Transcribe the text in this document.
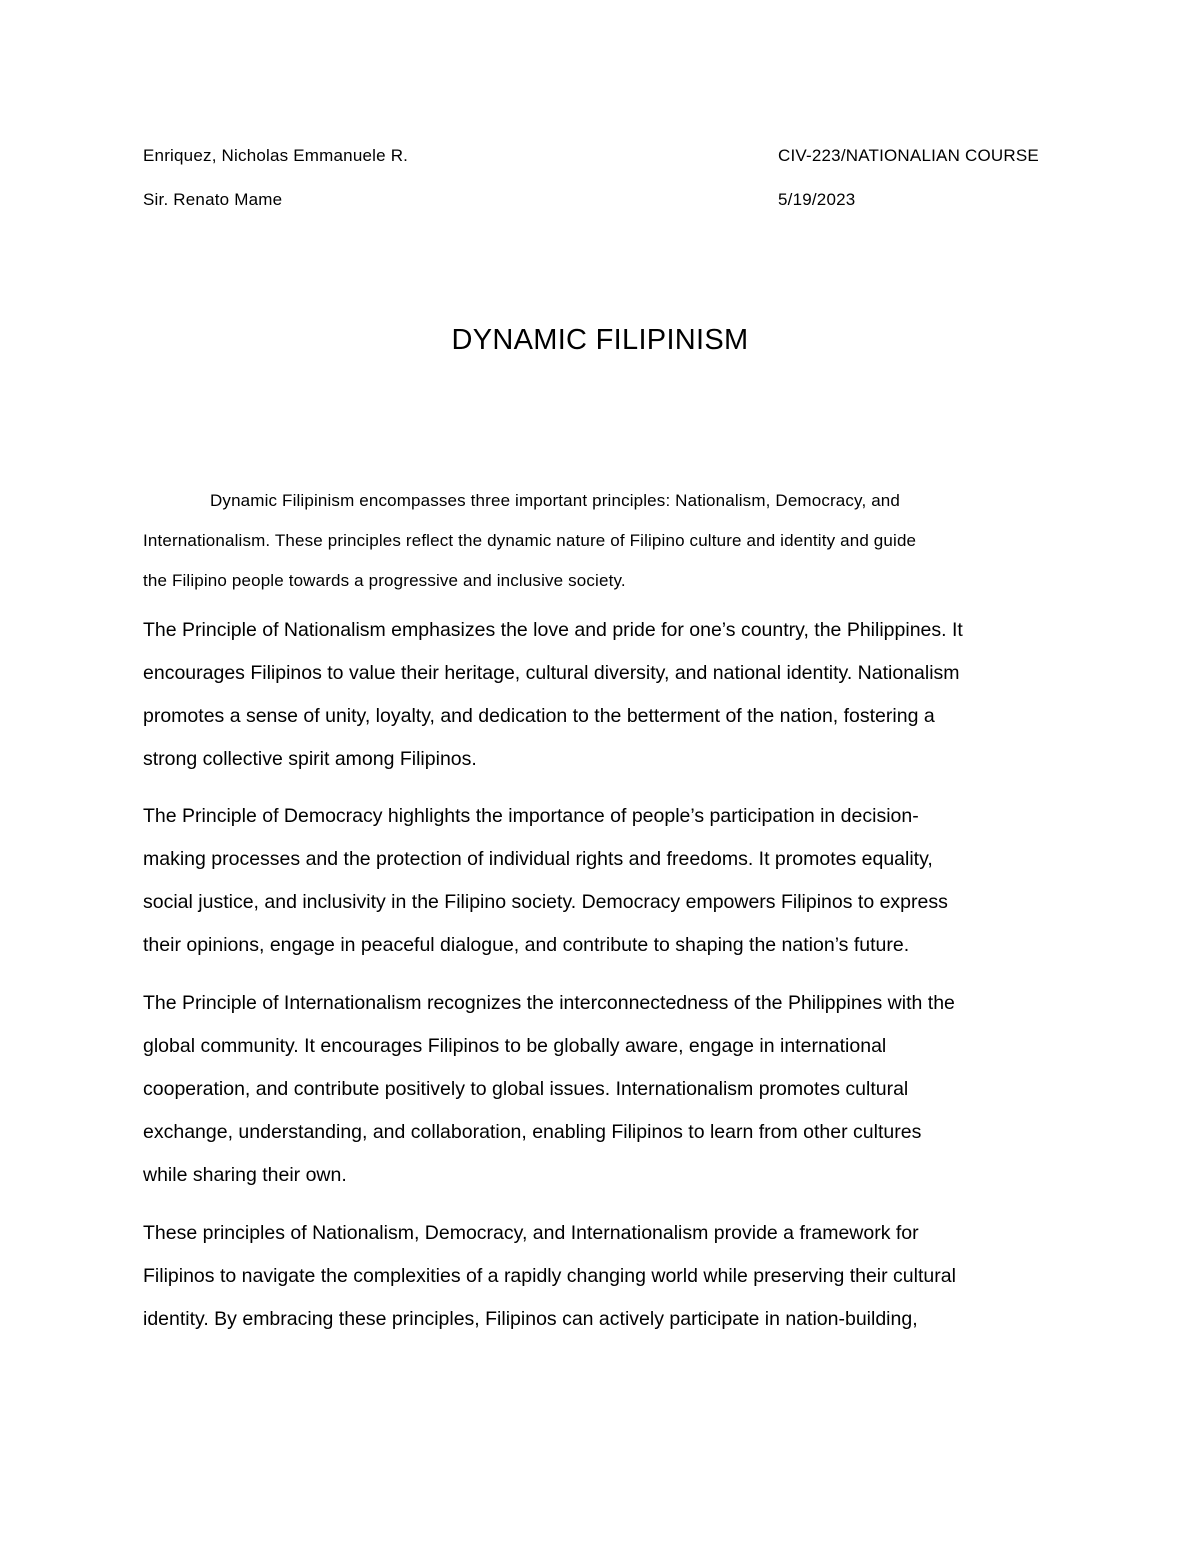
Enriquez, Nicholas Emmanuele R.	CIV-223/NATIONALIAN COURSE
Sir. Renato Mame	5/19/2023
DYNAMIC FILIPINISM
Dynamic Filipinism encompasses three important principles: Nationalism, Democracy, and
Internationalism. These principles reflect the dynamic nature of Filipino culture and identity and guide
the Filipino people towards a progressive and inclusive society.
The Principle of Nationalism emphasizes the love and pride for one’s country, the Philippines. It
encourages Filipinos to value their heritage, cultural diversity, and national identity. Nationalism
promotes a sense of unity, loyalty, and dedication to the betterment of the nation, fostering a
strong collective spirit among Filipinos.
The Principle of Democracy highlights the importance of people’s participation in decision-
making processes and the protection of individual rights and freedoms. It promotes equality,
social justice, and inclusivity in the Filipino society. Democracy empowers Filipinos to express
their opinions, engage in peaceful dialogue, and contribute to shaping the nation’s future.
The Principle of Internationalism recognizes the interconnectedness of the Philippines with the
global community. It encourages Filipinos to be globally aware, engage in international
cooperation, and contribute positively to global issues. Internationalism promotes cultural
exchange, understanding, and collaboration, enabling Filipinos to learn from other cultures
while sharing their own.
These principles of Nationalism, Democracy, and Internationalism provide a framework for
Filipinos to navigate the complexities of a rapidly changing world while preserving their cultural
identity. By embracing these principles, Filipinos can actively participate in nation-building,
